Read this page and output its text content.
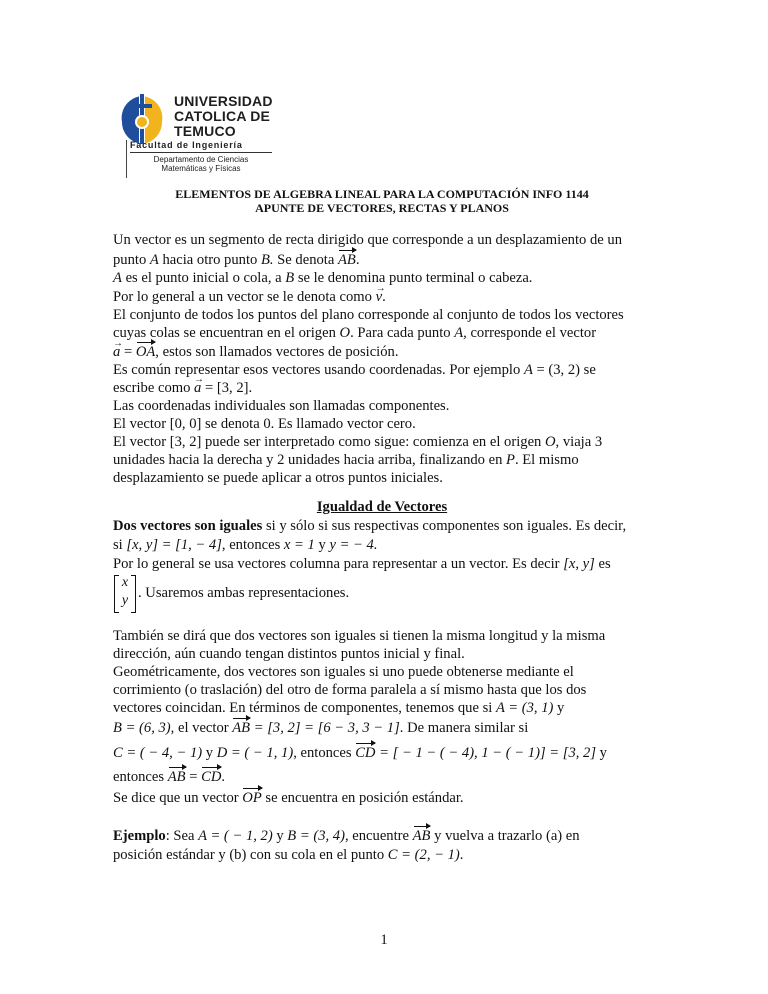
UNIVERSIDAD
CATOLICA DE
TEMUCO
Facultad de Ingeniería
Departamento de Ciencias
Matemáticas y Físicas
ELEMENTOS DE ALGEBRA LINEAL PARA LA COMPUTACIÓN INFO 1144
APUNTE DE VECTORES, RECTAS Y PLANOS
Un vector es un segmento de recta dirigido que corresponde a un desplazamiento de un
punto A hacia otro punto B. Se denota AB.
A es el punto inicial o cola, a B se le denomina punto terminal o cabeza.
Por lo general a un vector se le denota como v →.
El conjunto de todos los puntos del plano corresponde al conjunto de todos los vectores
cuyas colas se encuentran en el origen O. Para cada punto A, corresponde el vector
a → = OA, estos son llamados vectores de posición.
Es común representar esos vectores usando coordenadas. Por ejemplo A = (3, 2) se
escribe como a → = [3, 2].
Las coordenadas individuales son llamadas componentes.
El vector [0, 0] se denota 0. Es llamado vector cero.
El vector [3, 2] puede ser interpretado como sigue: comienza en el origen O, viaja 3
unidades hacia la derecha y 2 unidades hacia arriba, finalizando en P. El mismo
desplazamiento se puede aplicar a otros puntos iniciales.
Igualdad de Vectores
Dos vectores son iguales si y sólo si sus respectivas componentes son iguales. Es decir,
si [x, y] = [1, − 4], entonces x = 1 y y = − 4.
Por lo general se usa vectores columna para representar a un vector. Es decir [x, y] es
x
y . Usaremos ambas representaciones.
También se dirá que dos vectores son iguales si tienen la misma longitud y la misma
dirección, aún cuando tengan distintos puntos inicial y final.
Geométricamente, dos vectores son iguales si uno puede obtenerse mediante el
corrimiento (o traslación) del otro de forma paralela a sí mismo hasta que los dos
vectores coincidan. En términos de componentes, tenemos que si A = (3, 1) y
B = (6, 3), el vector AB = [3, 2] = [6 − 3, 3 − 1]. De manera similar si
C = ( − 4, − 1) y D = ( − 1, 1), entonces CD = [ − 1 − ( − 4), 1 − ( − 1)] = [3, 2] y
entonces AB = CD.
Se dice que un vector OP se encuentra en posición estándar.
Ejemplo: Sea A = ( − 1, 2) y B = (3, 4), encuentre AB y vuelva a trazarlo (a) en
posición estándar y (b) con su cola en el punto C = (2, − 1).
1
